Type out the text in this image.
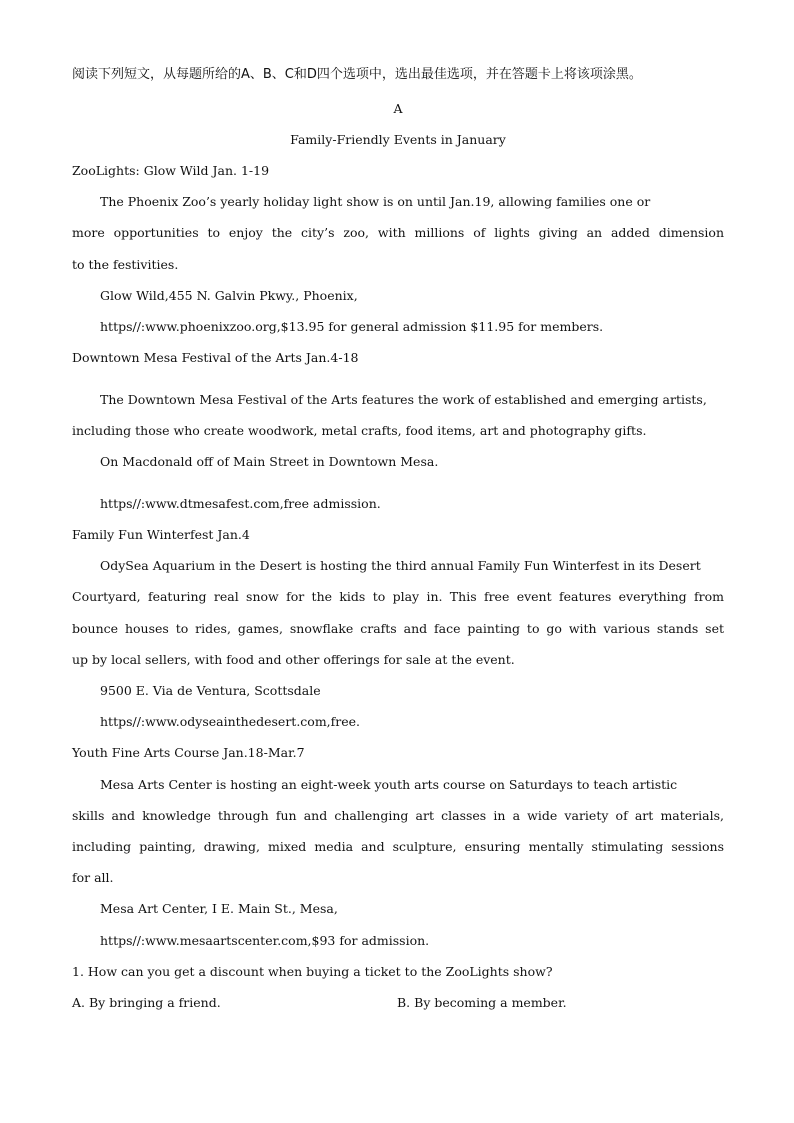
阅读下列短文，从每题所给的A、B、C和D四个选项中，选出最佳选项，并在答题卡上将该项涂黑。
A
Family-Friendly Events in January
ZooLights: Glow Wild Jan. 1-19
The Phoenix Zoo’s yearly holiday light show is on until Jan.19, allowing families one or
more opportunities to enjoy the city’s zoo, with millions of lights giving an added dimension
to the festivities.
Glow Wild,455 N. Galvin Pkwy., Phoenix,
https//:www.phoenixzoo.org,$13.95 for general admission $11.95 for members.
Downtown Mesa Festival of the Arts Jan.4-18
The Downtown Mesa Festival of the Arts features the work of established and emerging artists,
including those who create woodwork, metal crafts, food items, art and photography gifts.
On Macdonald off of Main Street in Downtown Mesa.
https//:www.dtmesafest.com,free admission.
Family Fun Winterfest Jan.4
OdySea Aquarium in the Desert is hosting the third annual Family Fun Winterfest in its Desert
Courtyard, featuring real snow for the kids to play in. This free event features everything from
bounce houses to rides, games, snowflake crafts and face painting to go with various stands set
up by local sellers, with food and other offerings for sale at the event.
9500 E. Via de Ventura, Scottsdale
https//:www.odyseainthedesert.com,free.
Youth Fine Arts Course Jan.18-Mar.7
Mesa Arts Center is hosting an eight-week youth arts course on Saturdays to teach artistic
skills and knowledge through fun and challenging art classes in a wide variety of art materials,
including painting, drawing, mixed media and sculpture, ensuring mentally stimulating sessions
for all.
Mesa Art Center, I E. Main St., Mesa,
https//:www.mesaartscenter.com,$93 for admission.
1. How can you get a discount when buying a ticket to the ZooLights show?
A. By bringing a friend.	B. By becoming a member.
